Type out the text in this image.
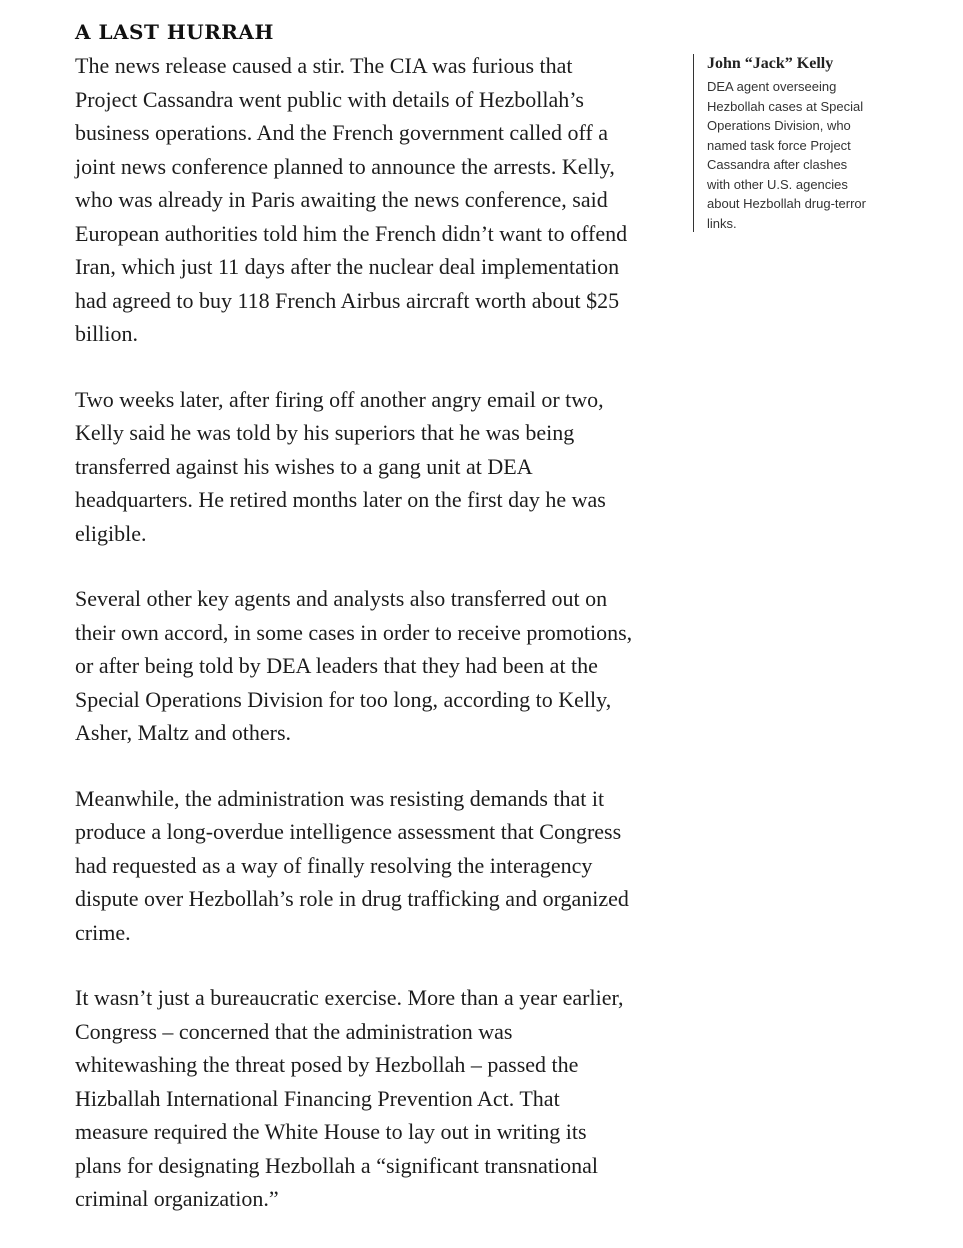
A LAST HURRAH

The news release caused a stir. The CIA was furious that
Project Cassandra went public with details of Hezbollah’s
business operations. And the French government called off a
joint news conference planned to announce the arrests. Kelly,
who was already in Paris awaiting the news conference, said
European authorities told him the French didn’t want to offend
Iran, which just 11 days after the nuclear deal implementation
had agreed to buy 118 French Airbus aircraft worth about $25
billion.

Two weeks later, after firing off another angry email or two,
Kelly said he was told by his superiors that he was being
transferred against his wishes to a gang unit at DEA
headquarters. He retired months later on the first day he was
eligible.

Several other key agents and analysts also transferred out on
their own accord, in some cases in order to receive promotions,
or after being told by DEA leaders that they had been at the
Special Operations Division for too long, according to Kelly,
Asher, Maltz and others.

Meanwhile, the administration was resisting demands that it
produce a long-overdue intelligence assessment that Congress
had requested as a way of finally resolving the interagency
dispute over Hezbollah’s role in drug trafficking and organized
crime.

It wasn’t just a bureaucratic exercise. More than a year earlier,
Congress – concerned that the administration was
whitewashing the threat posed by Hezbollah – passed the
Hizballah International Financing Prevention Act. That
measure required the White House to lay out in writing its
plans for designating Hezbollah a “significant transnational
criminal organization.”

John “Jack” Kelly

DEA agent overseeing
Hezbollah cases at Special
Operations Division, who
named task force Project
Cassandra after clashes
with other U.S. agencies
about Hezbollah drug-terror
links.
